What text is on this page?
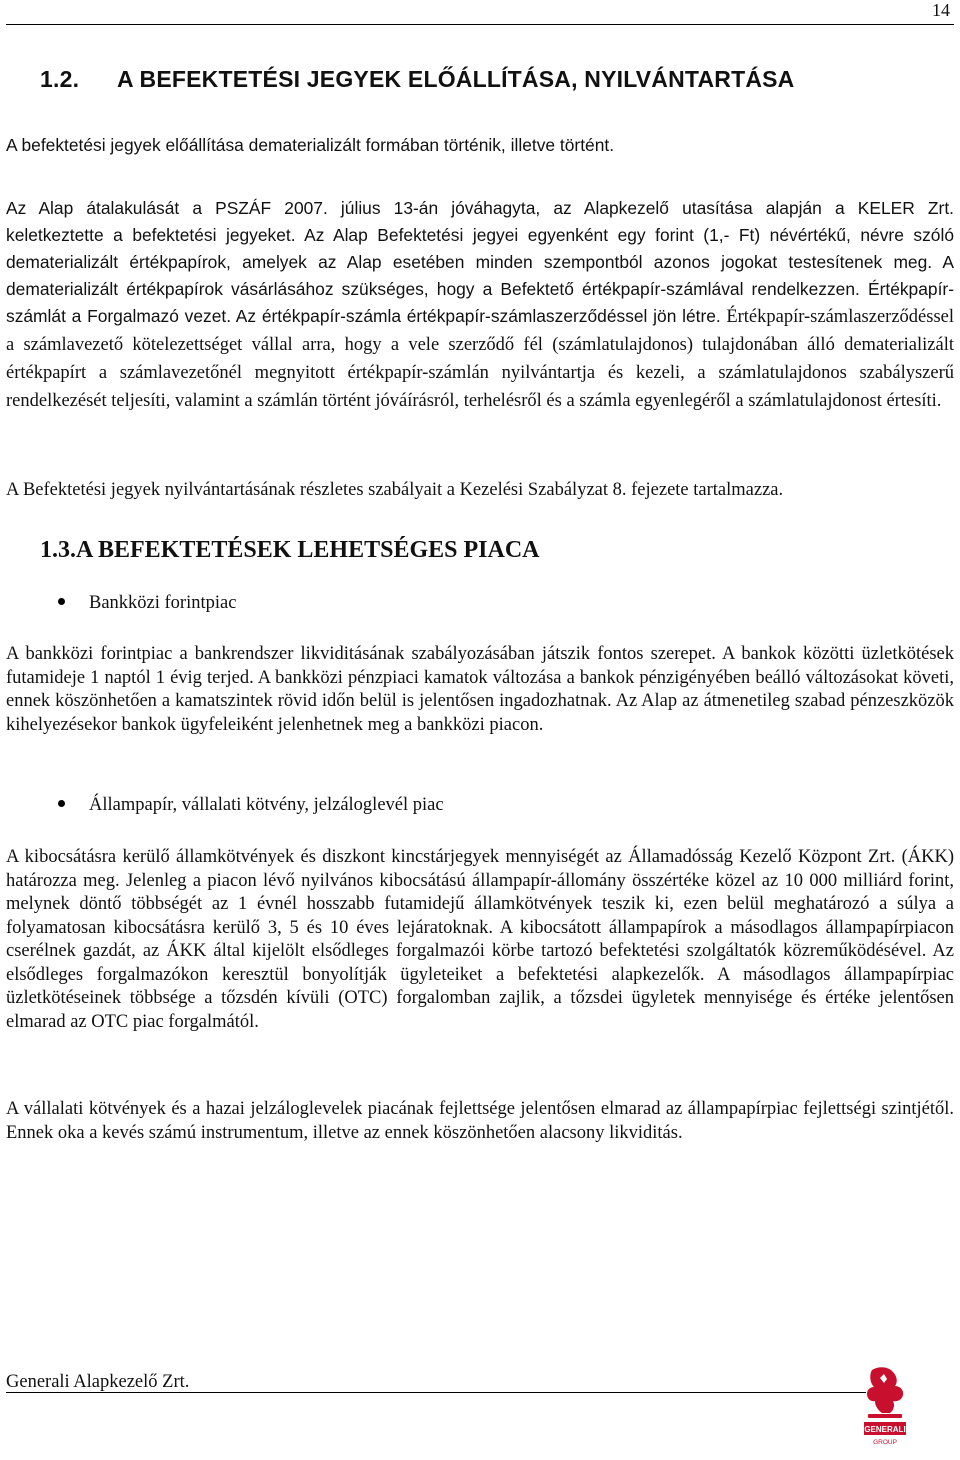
14
1.2. A BEFEKTETÉSI JEGYEK ELŐÁLLÍTÁSA, NYILVÁNTARTÁSA

A befektetési jegyek előállítása dematerializált formában történik, illetve történt.

Az Alap átalakulását a PSZÁF 2007. július 13-án jóváhagyta, az Alapkezelő utasítása alapján a KELER Zrt.

keletkeztette a befektetési jegyeket. Az Alap Befektetési jegyei egyenként egy forint (1,- Ft) névértékű, névre szóló dematerializált értékpapírok, amelyek az Alap esetében minden szempontból azonos jogokat testesítenek meg. A dematerializált értékpapírok vásárlásához szükséges, hogy a Befektető értékpapír-számlával rendelkezzen. Értékpapír-számlát a Forgalmazó vezet. Az értékpapír-számla értékpapír-számlaszerződéssel jön létre. Értékpapír-számlaszerződéssel a számlavezető kötelezettséget vállal arra, hogy a vele szerződő fél (számlatulajdonos) tulajdonában álló dematerializált értékpapírt a számlavezetőnél megnyitott értékpapír-számlán nyilvántartja és kezeli, a számlatulajdonos szabályszerű rendelkezését teljesíti, valamint a számlán történt jóváírásról, terhelésről és a számla egyenlegéről a számlatulajdonost értesíti.

A Befektetési jegyek nyilvántartásának részletes szabályait a Kezelési Szabályzat 8. fejezete tartalmazza.

1.3.A BEFEKTETÉSEK LEHETSÉGES PIACA
Bankközi forintpiac

A bankközi forintpiac a bankrendszer likviditásának szabályozásában játszik fontos szerepet. A bankok közötti üzletkötések futamideje 1 naptól 1 évig terjed. A bankközi pénzpiaci kamatok változása a bankok pénzigényében beálló változásokat követi, ennek köszönhetően a kamatszintek rövid időn belül is jelentősen ingadozhatnak. Az Alap az átmenetileg szabad pénzeszközök kihelyezésekor bankok ügyfeleiként jelenhetnek meg a bankközi piacon.

Állampapír, vállalati kötvény, jelzáloglevél piac

A kibocsátásra kerülő államkötvények és diszkont kincstárjegyek mennyiségét az Államadósság Kezelő Központ Zrt. (ÁKK) határozza meg. Jelenleg a piacon lévő nyilvános kibocsátású állampapír-állomány összértéke közel az 10 000 milliárd forint, melynek döntő többségét az 1 évnél hosszabb futamidejű államkötvények teszik ki, ezen belül meghatározó a súlya a folyamatosan kibocsátásra kerülő 3, 5 és 10 éves lejáratoknak. A kibocsátott állampapírok a másodlagos állampapírpiacon cserélnek gazdát, az ÁKK által kijelölt elsődleges forgalmazói körbe tartozó befektetési szolgáltatók közreműködésével. Az elsődleges forgalmazókon keresztül bonyolítják ügyleteiket a befektetési alapkezelők. A másodlagos állampapírpiac üzletkötéseinek többsége a tőzsdén kívüli (OTC) forgalomban zajlik, a tőzsdei ügyletek mennyisége és értéke jelentősen elmarad az OTC piac forgalmától.

A vállalati kötvények és a hazai jelzáloglevelek piacának fejlettsége jelentősen elmarad az állampapírpiac fejlettségi szintjétől. Ennek oka a kevés számú instrumentum, illetve az ennek köszönhetően alacsony likviditás.

Generali Alapkezelő Zrt.
GENERALI
GROUP
